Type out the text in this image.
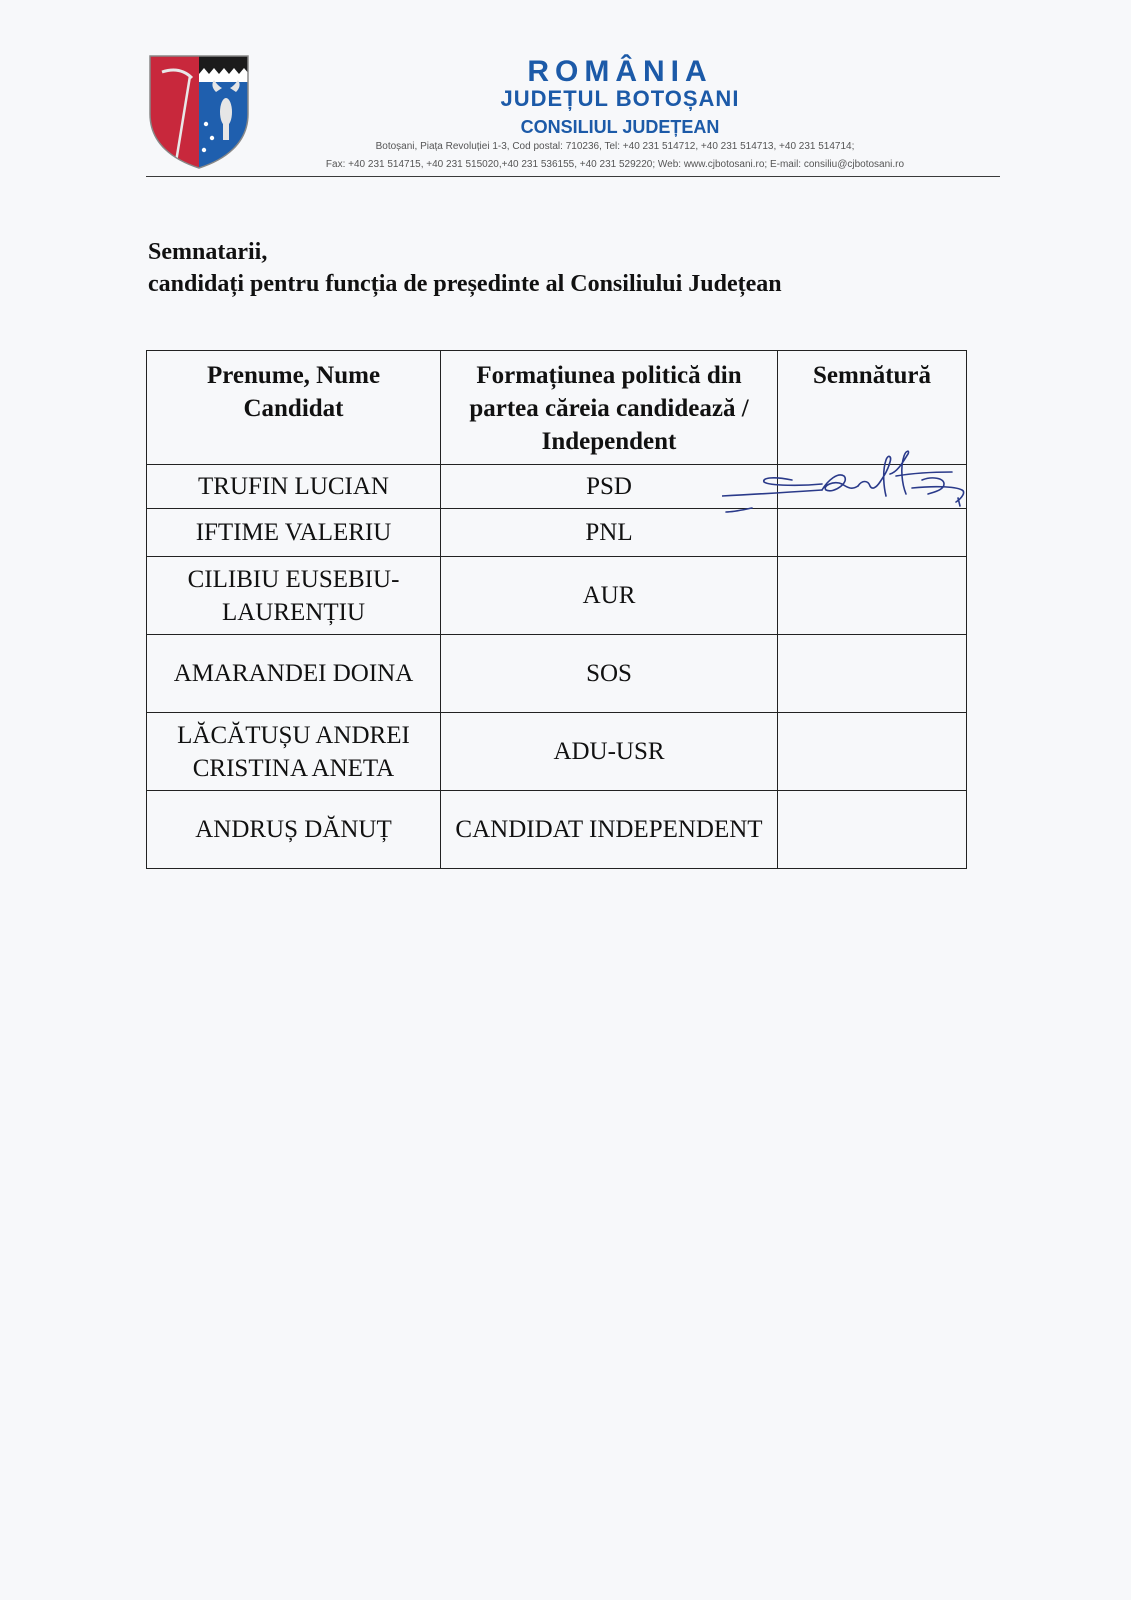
ROMÂNIA
JUDEȚUL BOTOȘANI
CONSILIUL JUDEȚEAN
Botoșani, Piața Revoluției 1-3, Cod postal: 710236, Tel: +40 231 514712, +40 231 514713, +40 231 514714;
Fax: +40 231 514715, +40 231 515020,+40 231 536155, +40 231 529220; Web: www.cjbotosani.ro; E-mail: consiliu@cjbotosani.ro
Semnatarii,
candidați pentru funcția de președinte al Consiliului Județean
Prenume, Nume Candidat	Formațiunea politică din partea căreia candidează / Independent	Semnătură
TRUFIN LUCIAN	PSD	
IFTIME VALERIU	PNL	
CILIBIU EUSEBIU-LAURENȚIU	AUR	
AMARANDEI DOINA	SOS	
LĂCĂTUȘU ANDREI CRISTINA ANETA	ADU-USR	
ANDRUȘ DĂNUȚ	CANDIDAT INDEPENDENT	
